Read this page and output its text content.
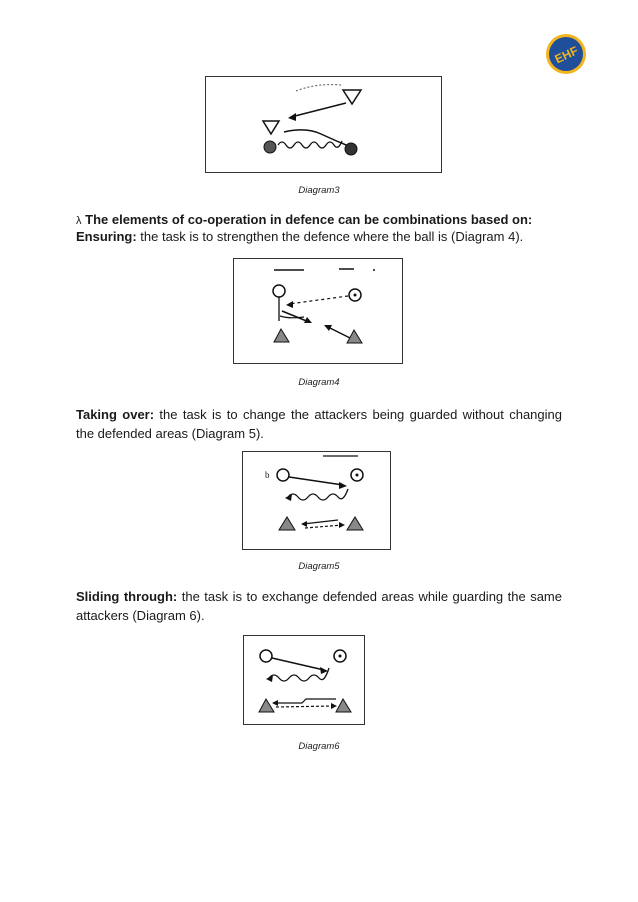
EHF
Diagram3
λ The elements of co-operation in defence can be combinations based on:
Ensuring: the task is to strengthen the defence where the ball is (Diagram 4).
Diagram4
Taking over: the task is to change the attackers being guarded without changing the defended areas (Diagram 5).
b
Diagram5
Sliding through: the task is to exchange defended areas while guarding the same attackers (Diagram 6).
Diagram6
